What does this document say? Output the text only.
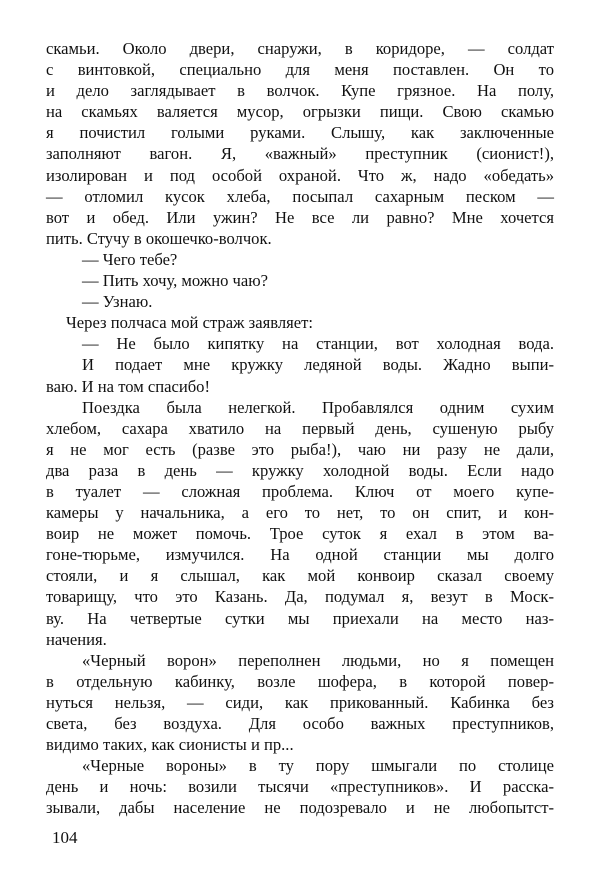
скамьи. Около двери, снаружи, в коридоре, — солдат
с винтовкой, специально для меня поставлен. Он то
и дело заглядывает в волчок. Купе грязное. На полу,
на скамьях валяется мусор, огрызки пищи. Свою скамью
я почистил голыми руками. Слышу, как заключенные
заполняют вагон. Я, «важный» преступник (сионист!),
изолирован и под особой охраной. Что ж, надо «обедать»
— отломил кусок хлеба, посыпал сахарным песком —
вот и обед. Или ужин? Не все ли равно? Мне хочется
пить. Стучу в окошечко-волчок.
— Чего тебе?
— Пить хочу, можно чаю?
— Узнаю.
Через полчаса мой страж заявляет:
— Не было кипятку на станции, вот холодная вода.
И подает мне кружку ледяной воды. Жадно выпи-
ваю. И на том спасибо!
Поездка была нелегкой. Пробавлялся одним сухим
хлебом, сахара хватило на первый день, сушеную рыбу
я не мог есть (разве это рыба!), чаю ни разу не дали,
два раза в день — кружку холодной воды. Если надо
в туалет — сложная проблема. Ключ от моего купе-
камеры у начальника, а его то нет, то он спит, и кон-
воир не может помочь. Трое суток я ехал в этом ва-
гоне-тюрьме, измучился. На одной станции мы долго
стояли, и я слышал, как мой конвоир сказал своему
товарищу, что это Казань. Да, подумал я, везут в Моск-
ву. На четвертые сутки мы приехали на место наз-
начения.
«Черный ворон» переполнен людьми, но я помещен
в отдельную кабинку, возле шофера, в которой повер-
нуться нельзя, — сиди, как прикованный. Кабинка без
света, без воздуха. Для особо важных преступников,
видимо таких, как сионисты и пр...
«Черные вороны» в ту пору шмыгали по столице
день и ночь: возили тысячи «преступников». И расска-
зывали, дабы население не подозревало и не любопытст-
104
